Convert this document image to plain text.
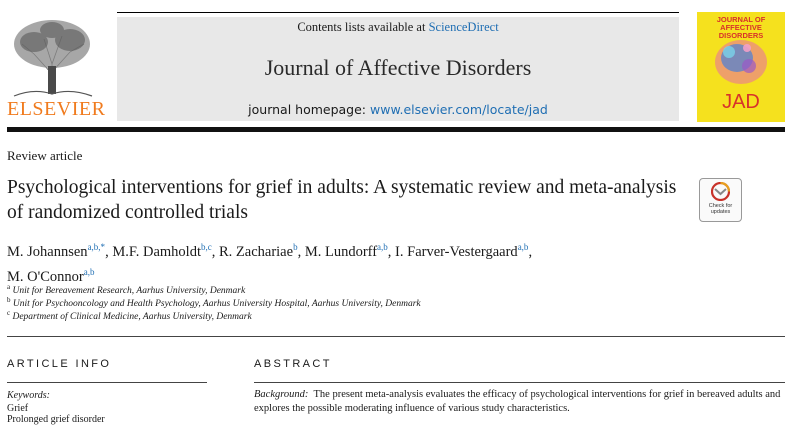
Contents lists available at ScienceDirect
Journal of Affective Disorders
journal homepage: www.elsevier.com/locate/jad
ELSEVIER
JOURNAL OF AFFECTIVE DISORDERS
JAD
Review article
Psychological interventions for grief in adults: A systematic review and meta-analysis of randomized controlled trials	Check for updates
M. Johannsen$^{a,b,*}$, M.F. Damholdt$^{b,c}$, R. Zachariae$^b$, M. Lundorff$^{a,b}$, I. Farver-Vestergaard$^{a,b}$,
M. O'Connor$^{a,b}$
$^a$ Unit for Bereavement Research, Aarhus University, Denmark
$^b$ Unit for Psychooncology and Health Psychology, Aarhus University Hospital, Aarhus University, Denmark
$^c$ Department of Clinical Medicine, Aarhus University, Denmark
ARTICLE INFO	ABSTRACT
Keywords:
Grief
Prolonged grief disorder
Background: The present meta-analysis evaluates the efficacy of psychological interventions for grief in bereaved adults and explores the possible moderating influence of various study characteristics.
